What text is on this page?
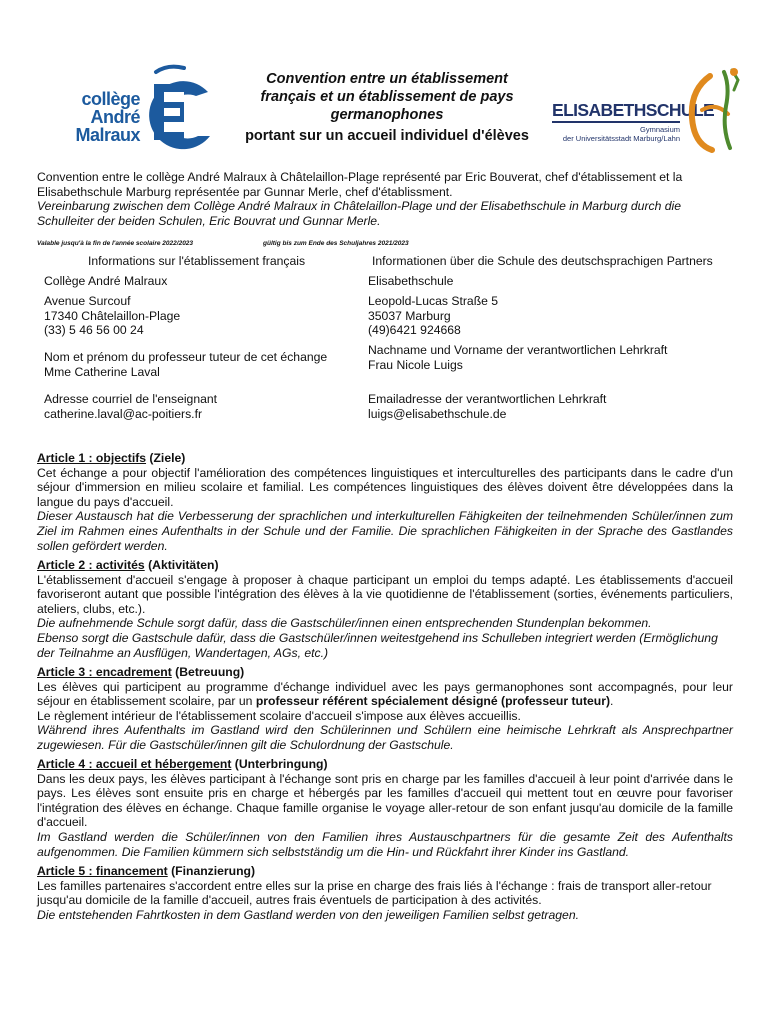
collège
André Malraux
Convention entre un établissement
français et un établissement de pays
germanophones
portant sur un accueil individuel d'élèves
ELISABETHSCHULE
Gymnasium
der Universitätsstadt Marburg/Lahn
Convention entre le collège André Malraux à Châtelaillon-Plage représenté par Eric Bouverat, chef d'établissement et la Elisabethschule Marburg représentée par Gunnar Merle, chef d'établissment.
Vereinbarung zwischen dem Collège André Malraux in Châtelaillon-Plage und der Elisabethschule in Marburg durch die Schulleiter der beiden Schulen, Eric Bouvrat und Gunnar Merle.
Valable jusqu'à la fin de l'année scolaire 2022/2023	gültig bis zum Ende des Schuljahres 2021/2023
Informations sur l'établissement français	Informationen über die Schule des deutschsprachigen Partners
Collège André Malraux
Avenue Surcouf
17340 Châtelaillon-Plage
(33) 5 46 56 00 24
Nom et prénom du professeur tuteur de cet échange
Mme Catherine Laval
Adresse courriel de l'enseignant
catherine.laval@ac-poitiers.fr
Elisabethschule
Leopold-Lucas Straße 5
35037 Marburg
(49)6421 924668
Nachname und Vorname der verantwortlichen Lehrkraft
Frau Nicole Luigs
Emailadresse der verantwortlichen Lehrkraft
luigs@elisabethschule.de
Article 1 : objectifs (Ziele)

Cet échange a pour objectif l'amélioration des compétences linguistiques et interculturelles des participants dans le cadre d'un séjour d'immersion en milieu scolaire et familial. Les compétences linguistiques des élèves doivent être développées dans la langue du pays d'accueil.

Dieser Austausch hat die Verbesserung der sprachlichen und interkulturellen Fähigkeiten der teilnehmenden Schüler/innen zum Ziel im Rahmen eines Aufenthalts in der Schule und der Familie. Die sprachlichen Fähigkeiten in der Sprache des Gastlandes sollen gefördert werden.

Article 2 : activités (Aktivitäten)

L'établissement d'accueil s'engage à proposer à chaque participant un emploi du temps adapté. Les établissements d'accueil favoriseront autant que possible l'intégration des élèves à la vie quotidienne de l'établissement (sorties, événements particuliers, ateliers, clubs, etc.).

Die aufnehmende Schule sorgt dafür, dass die Gastschüler/innen einen entsprechenden Stundenplan bekommen.

Ebenso sorgt die Gastschule dafür, dass die Gastschüler/innen weitestgehend ins Schulleben integriert werden (Ermöglichung der Teilnahme an Ausflügen, Wandertagen, AGs, etc.)

Article 3 : encadrement (Betreuung)

Les élèves qui participent au programme d'échange individuel avec les pays germanophones sont accompagnés, pour leur séjour en établissement scolaire, par un professeur référent spécialement désigné (professeur tuteur).

Le règlement intérieur de l'établissement scolaire d'accueil s'impose aux élèves accueillis.

Während ihres Aufenthalts im Gastland wird den Schülerinnen und Schülern eine heimische Lehrkraft als Ansprechpartner zugewiesen. Für die Gastschüler/innen gilt die Schulordnung der Gastschule.

Article 4 : accueil et hébergement (Unterbringung)

Dans les deux pays, les élèves participant à l'échange sont pris en charge par les familles d'accueil à leur point d'arrivée dans le pays. Les élèves sont ensuite pris en charge et hébergés par les familles d'accueil qui mettent tout en œuvre pour favoriser l'intégration des élèves en échange. Chaque famille organise le voyage aller-retour de son enfant jusqu'au domicile de la famille d'accueil.

Im Gastland werden die Schüler/innen von den Familien ihres Austauschpartners für die gesamte Zeit des Aufenthalts aufgenommen. Die Familien kümmern sich selbstständig um die Hin- und Rückfahrt ihrer Kinder ins Gastland.

Article 5 : financement (Finanzierung)

Les familles partenaires s'accordent entre elles sur la prise en charge des frais liés à l'échange : frais de transport aller-retour jusqu'au domicile de la famille d'accueil, autres frais éventuels de participation à des activités.

Die entstehenden Fahrtkosten in dem Gastland werden von den jeweiligen Familien selbst getragen.
